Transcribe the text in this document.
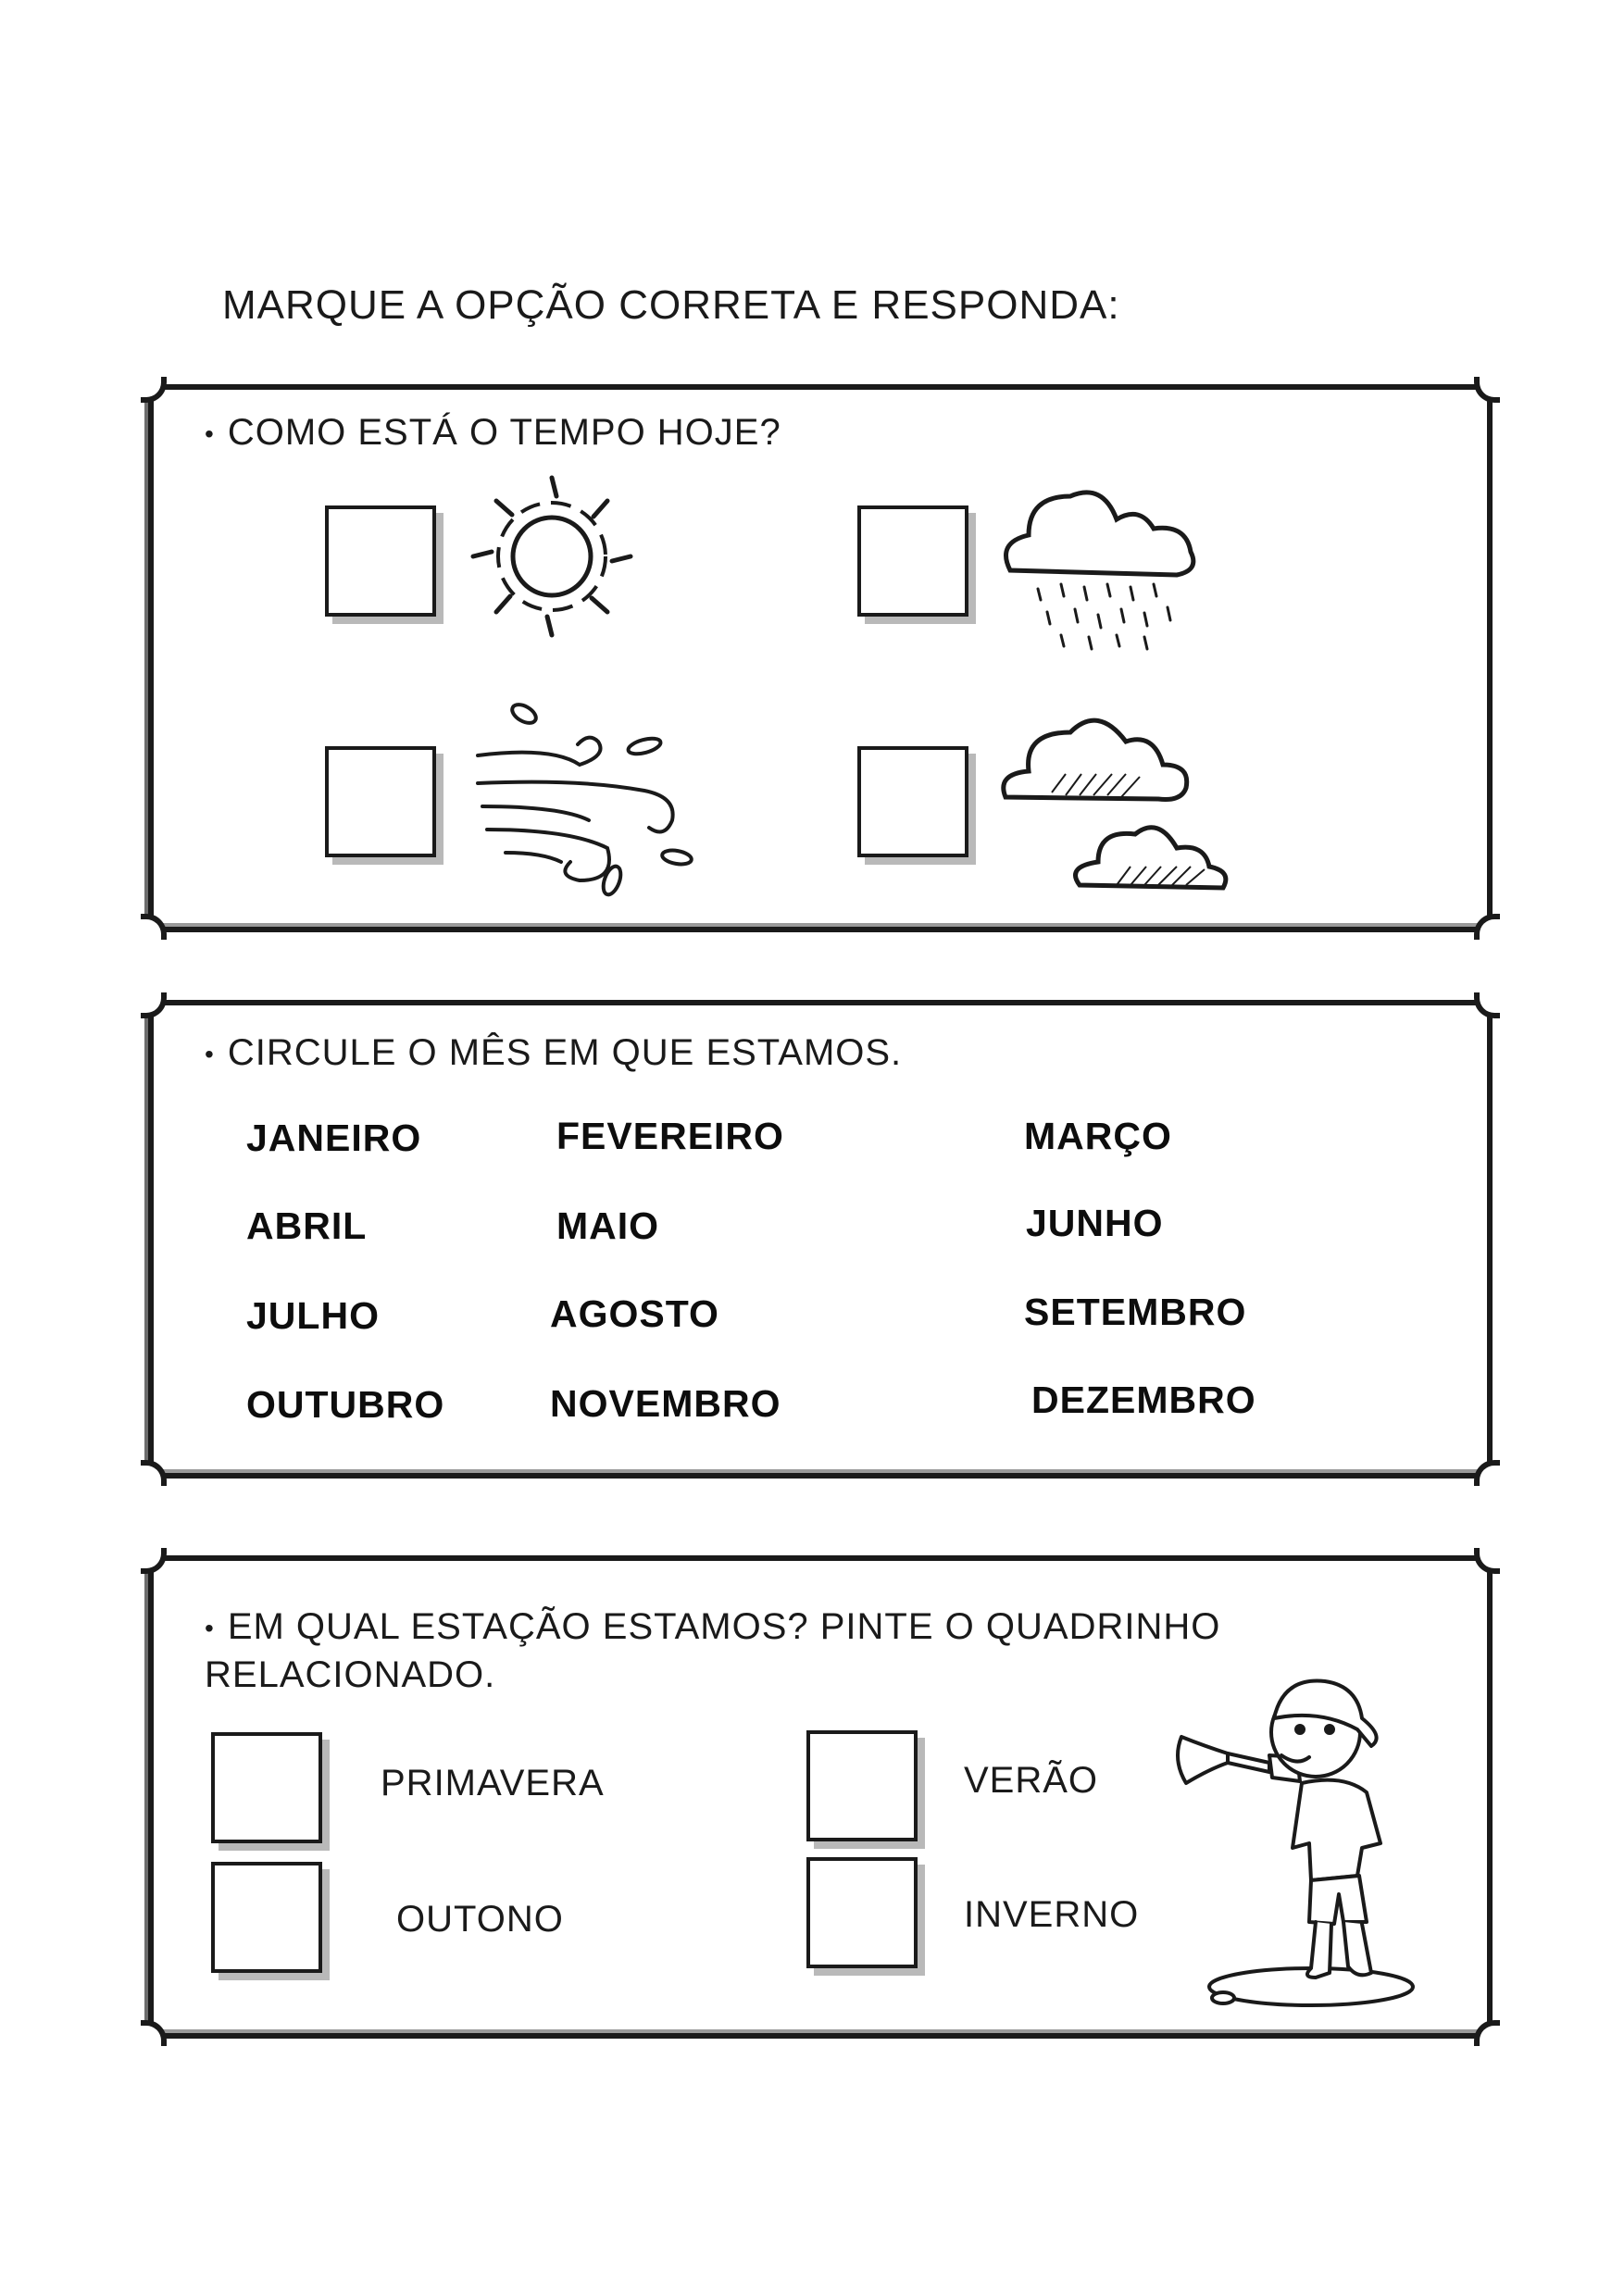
MARQUE A OPÇÃO CORRETA E RESPONDA:
• COMO ESTÁ O TEMPO HOJE?
• CIRCULE O MÊS EM QUE ESTAMOS.
JANEIRO	FEVEREIRO	MARÇO
ABRIL	MAIO	JUNHO
JULHO	AGOSTO	SETEMBRO
OUTUBRO	NOVEMBRO	DEZEMBRO
• EM QUAL ESTAÇÃO ESTAMOS? PINTE O QUADRINHO
RELACIONADO.
PRIMAVERA	VERÃO
OUTONO	INVERNO
